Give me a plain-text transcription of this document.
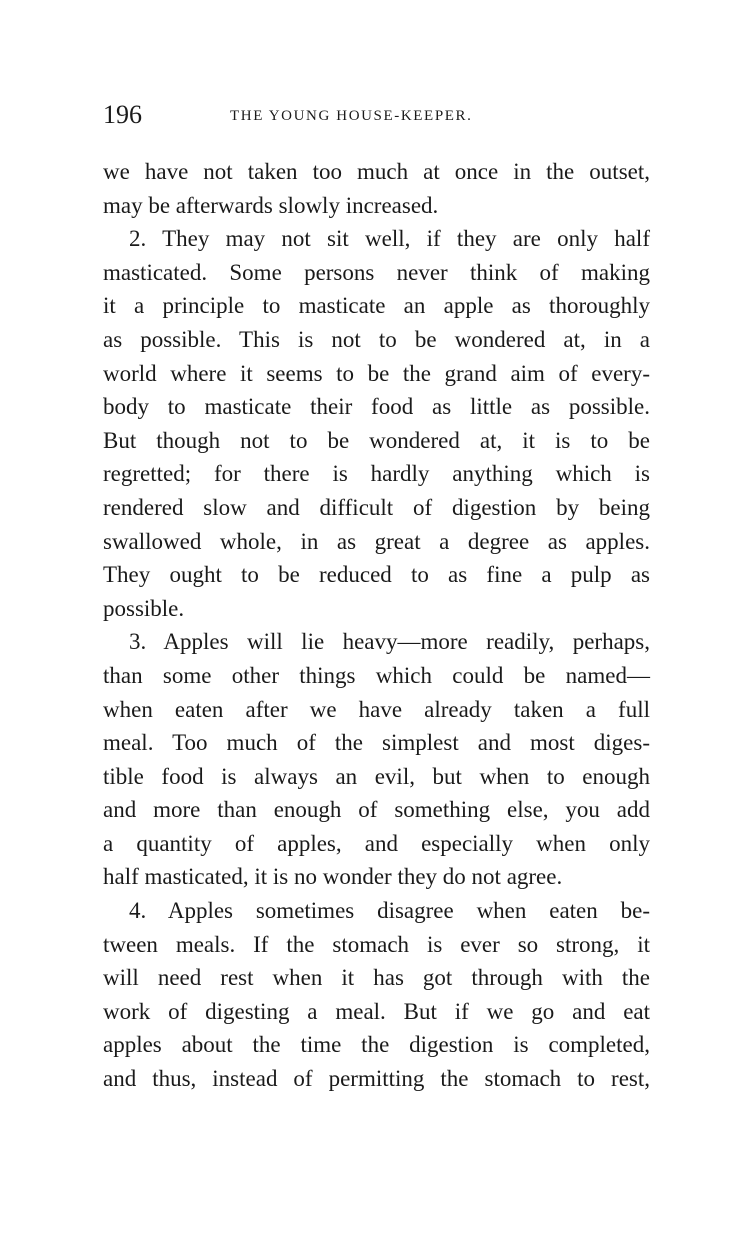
196	THE YOUNG HOUSE-KEEPER.
we have not taken too much at once in the outset,
may be afterwards slowly increased.
2. They may not sit well, if they are only half
masticated. Some persons never think of making
it a principle to masticate an apple as thoroughly
as possible. This is not to be wondered at, in a
world where it seems to be the grand aim of every-
body to masticate their food as little as possible.
But though not to be wondered at, it is to be
regretted; for there is hardly anything which is
rendered slow and difficult of digestion by being
swallowed whole, in as great a degree as apples.
They ought to be reduced to as fine a pulp as
possible.
3. Apples will lie heavy—more readily, perhaps,
than some other things which could be named—
when eaten after we have already taken a full
meal. Too much of the simplest and most diges-
tible food is always an evil, but when to enough
and more than enough of something else, you add
a quantity of apples, and especially when only
half masticated, it is no wonder they do not agree.
4. Apples sometimes disagree when eaten be-
tween meals. If the stomach is ever so strong, it
will need rest when it has got through with the
work of digesting a meal. But if we go and eat
apples about the time the digestion is completed,
and thus, instead of permitting the stomach to rest,
